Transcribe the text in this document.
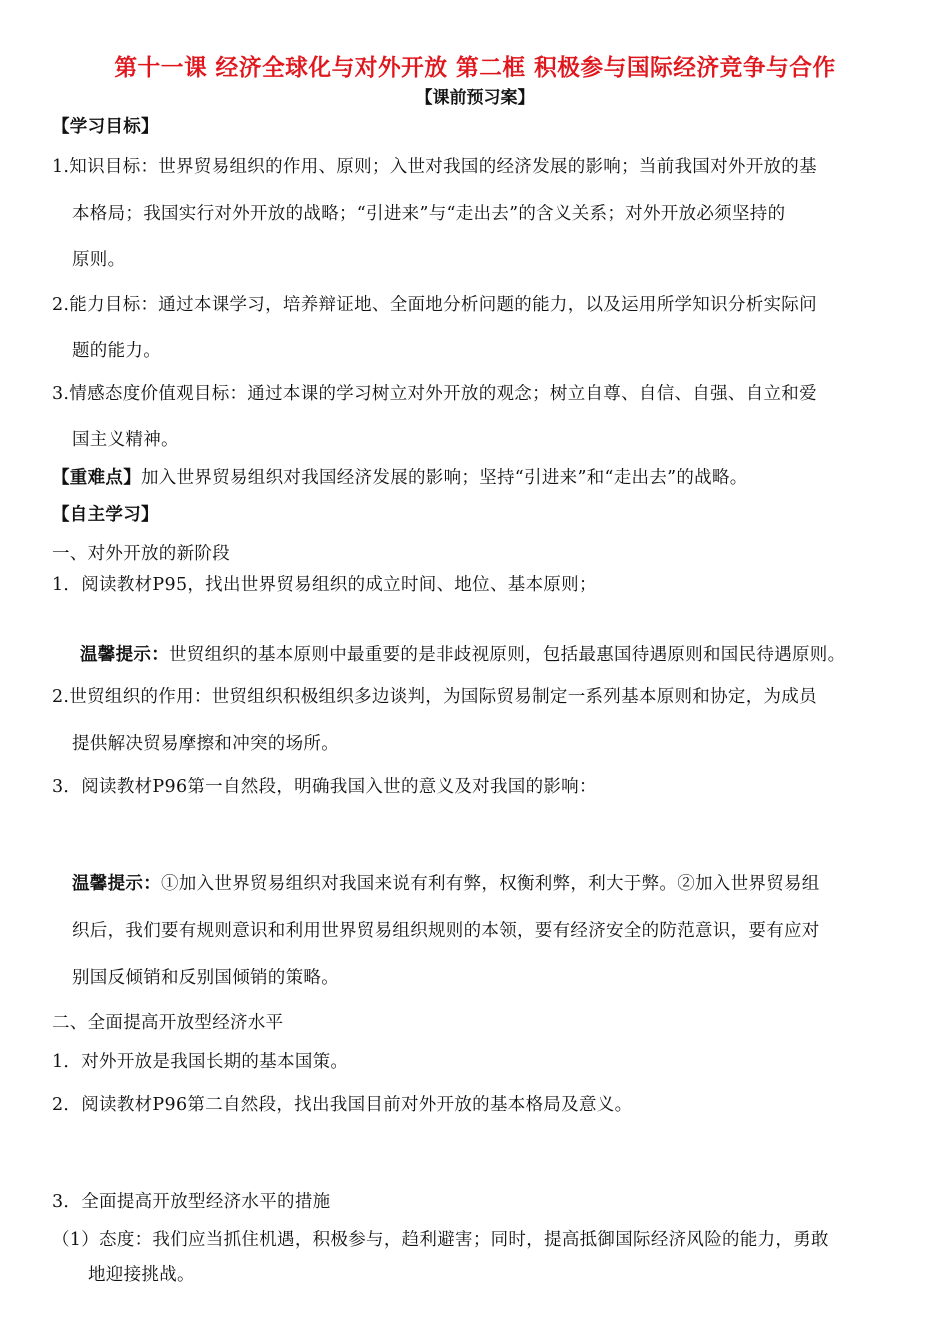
第十一课 经济全球化与对外开放 第二框 积极参与国际经济竞争与合作
【课前预习案】
【学习目标】
1.知识目标：世界贸易组织的作用、原则；入世对我国的经济发展的影响；当前我国对外开放的基
本格局；我国实行对外开放的战略；“引进来”与“走出去”的含义关系；对外开放必须坚持的
原则。
2.能力目标：通过本课学习，培养辩证地、全面地分析问题的能力，以及运用所学知识分析实际问
题的能力。
3.情感态度价值观目标：通过本课的学习树立对外开放的观念；树立自尊、自信、自强、自立和爱
国主义精神。
【重难点】加入世界贸易组织对我国经济发展的影响；坚持“引进来”和“走出去”的战略。
【自主学习】
一、对外开放的新阶段
1．阅读教材P95，找出世界贸易组织的成立时间、地位、基本原则；
温馨提示：世贸组织的基本原则中最重要的是非歧视原则，包括最惠国待遇原则和国民待遇原则。
2.世贸组织的作用：世贸组织积极组织多边谈判，为国际贸易制定一系列基本原则和协定，为成员
提供解决贸易摩擦和冲突的场所。
3．阅读教材P96第一自然段，明确我国入世的意义及对我国的影响：
温馨提示：①加入世界贸易组织对我国来说有利有弊，权衡利弊，利大于弊。②加入世界贸易组
织后，我们要有规则意识和利用世界贸易组织规则的本领，要有经济安全的防范意识，要有应对
别国反倾销和反别国倾销的策略。
二、全面提高开放型经济水平
1．对外开放是我国长期的基本国策。
2．阅读教材P96第二自然段，找出我国目前对外开放的基本格局及意义。
3．全面提高开放型经济水平的措施
（1）态度：我们应当抓住机遇，积极参与，趋利避害；同时，提高抵御国际经济风险的能力，勇敢
地迎接挑战。
